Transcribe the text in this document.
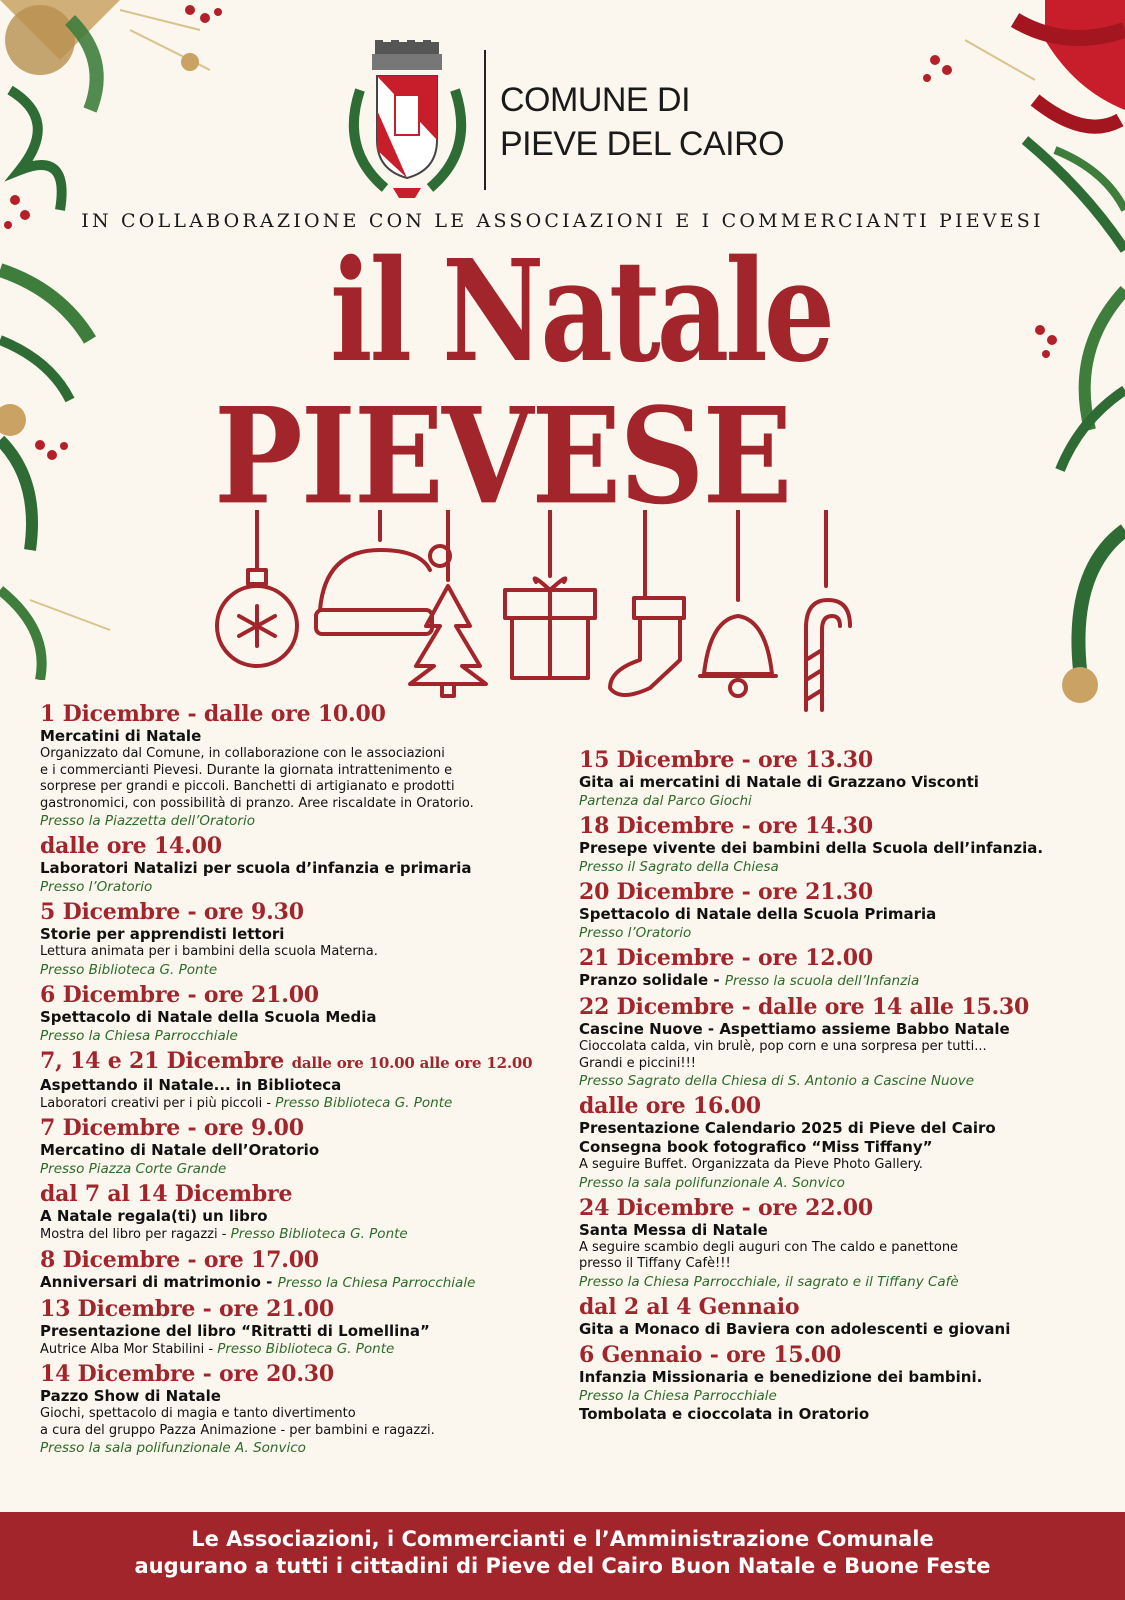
COMUNE DI
PIEVE DEL CAIRO
IN COLLABORAZIONE CON LE ASSOCIAZIONI E I COMMERCIANTI PIEVESI
il Natale
PIEVESE
1 Dicembre - dalle ore 10.00
Mercatini di Natale
Organizzato dal Comune, in collaborazione con le associazioni
e i commercianti Pievesi. Durante la giornata intrattenimento e
sorprese per grandi e piccoli. Banchetti di artigianato e prodotti
gastronomici, con possibilità di pranzo. Aree riscaldate in Oratorio.
Presso la Piazzetta dell’Oratorio
dalle ore 14.00
Laboratori Natalizi per scuola d’infanzia e primaria
Presso l’Oratorio
5 Dicembre - ore 9.30
Storie per apprendisti lettori
Lettura animata per i bambini della scuola Materna.
Presso Biblioteca G. Ponte
6 Dicembre - ore 21.00
Spettacolo di Natale della Scuola Media
Presso la Chiesa Parrocchiale
7, 14 e 21 Dicembre dalle ore 10.00 alle ore 12.00
Aspettando il Natale... in Biblioteca
Laboratori creativi per i più piccoli - Presso Biblioteca G. Ponte
7 Dicembre - ore 9.00
Mercatino di Natale dell’Oratorio
Presso Piazza Corte Grande
dal 7 al 14 Dicembre
A Natale regala(ti) un libro
Mostra del libro per ragazzi - Presso Biblioteca G. Ponte
8 Dicembre - ore 17.00
Anniversari di matrimonio - Presso la Chiesa Parrocchiale
13 Dicembre - ore 21.00
Presentazione del libro “Ritratti di Lomellina”
Autrice Alba Mor Stabilini - Presso Biblioteca G. Ponte
14 Dicembre - ore 20.30
Pazzo Show di Natale
Giochi, spettacolo di magia e tanto divertimento
a cura del gruppo Pazza Animazione - per bambini e ragazzi.
Presso la sala polifunzionale A. Sonvico
15 Dicembre - ore 13.30
Gita ai mercatini di Natale di Grazzano Visconti
Partenza dal Parco Giochi
18 Dicembre - ore 14.30
Presepe vivente dei bambini della Scuola dell’infanzia.
Presso il Sagrato della Chiesa
20 Dicembre - ore 21.30
Spettacolo di Natale della Scuola Primaria
Presso l’Oratorio
21 Dicembre - ore 12.00
Pranzo solidale - Presso la scuola dell’Infanzia
22 Dicembre - dalle ore 14 alle 15.30
Cascine Nuove - Aspettiamo assieme Babbo Natale
Cioccolata calda, vin brulè, pop corn e una sorpresa per tutti...
Grandi e piccini!!!
Presso Sagrato della Chiesa di S. Antonio a Cascine Nuove
dalle ore 16.00
Presentazione Calendario 2025 di Pieve del Cairo
Consegna book fotografico “Miss Tiffany”
A seguire Buffet. Organizzata da Pieve Photo Gallery.
Presso la sala polifunzionale A. Sonvico
24 Dicembre - ore 22.00
Santa Messa di Natale
A seguire scambio degli auguri con The caldo e panettone
presso il Tiffany Cafè!!!
Presso la Chiesa Parrocchiale, il sagrato e il Tiffany Cafè
dal 2 al 4 Gennaio
Gita a Monaco di Baviera con adolescenti e giovani
6 Gennaio - ore 15.00
Infanzia Missionaria e benedizione dei bambini.
Presso la Chiesa Parrocchiale
Tombolata e cioccolata in Oratorio
Le Associazioni, i Commercianti e l’Amministrazione Comunale
augurano a tutti i cittadini di Pieve del Cairo Buon Natale e Buone Feste
